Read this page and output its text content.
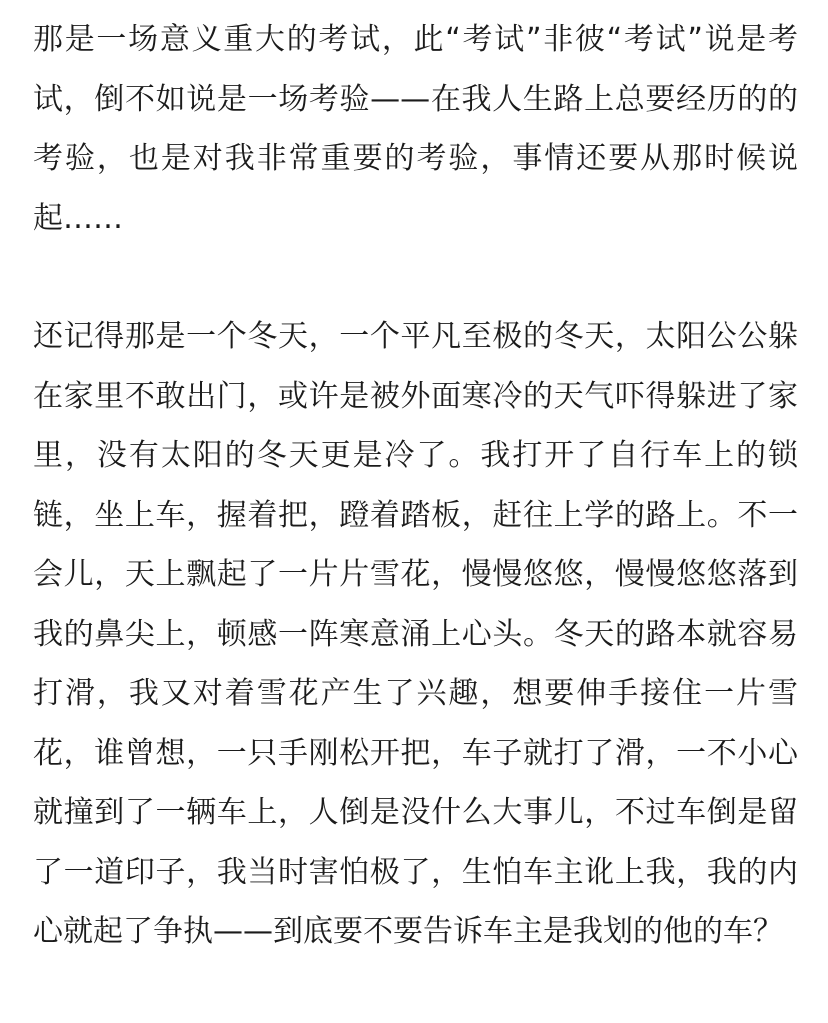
那是一场意义重大的考试，此“考试”非彼“考试”说是考试，倒不如说是一场考验——在我人生路上总要经历的的考验，也是对我非常重要的考验，事情还要从那时候说起……

还记得那是一个冬天，一个平凡至极的冬天，太阳公公躲在家里不敢出门，或许是被外面寒冷的天气吓得躲进了家里，没有太阳的冬天更是冷了。我打开了自行车上的锁链，坐上车，握着把，蹬着踏板，赶往上学的路上。不一会儿，天上飘起了一片片雪花，慢慢悠悠，慢慢悠悠落到我的鼻尖上，顿感一阵寒意涌上心头。冬天的路本就容易打滑，我又对着雪花产生了兴趣，想要伸手接住一片雪花，谁曾想，一只手刚松开把，车子就打了滑，一不小心就撞到了一辆车上，人倒是没什么大事儿，不过车倒是留了一道印子，我当时害怕极了，生怕车主讹上我，我的内心就起了争执——到底要不要告诉车主是我划的他的车？
